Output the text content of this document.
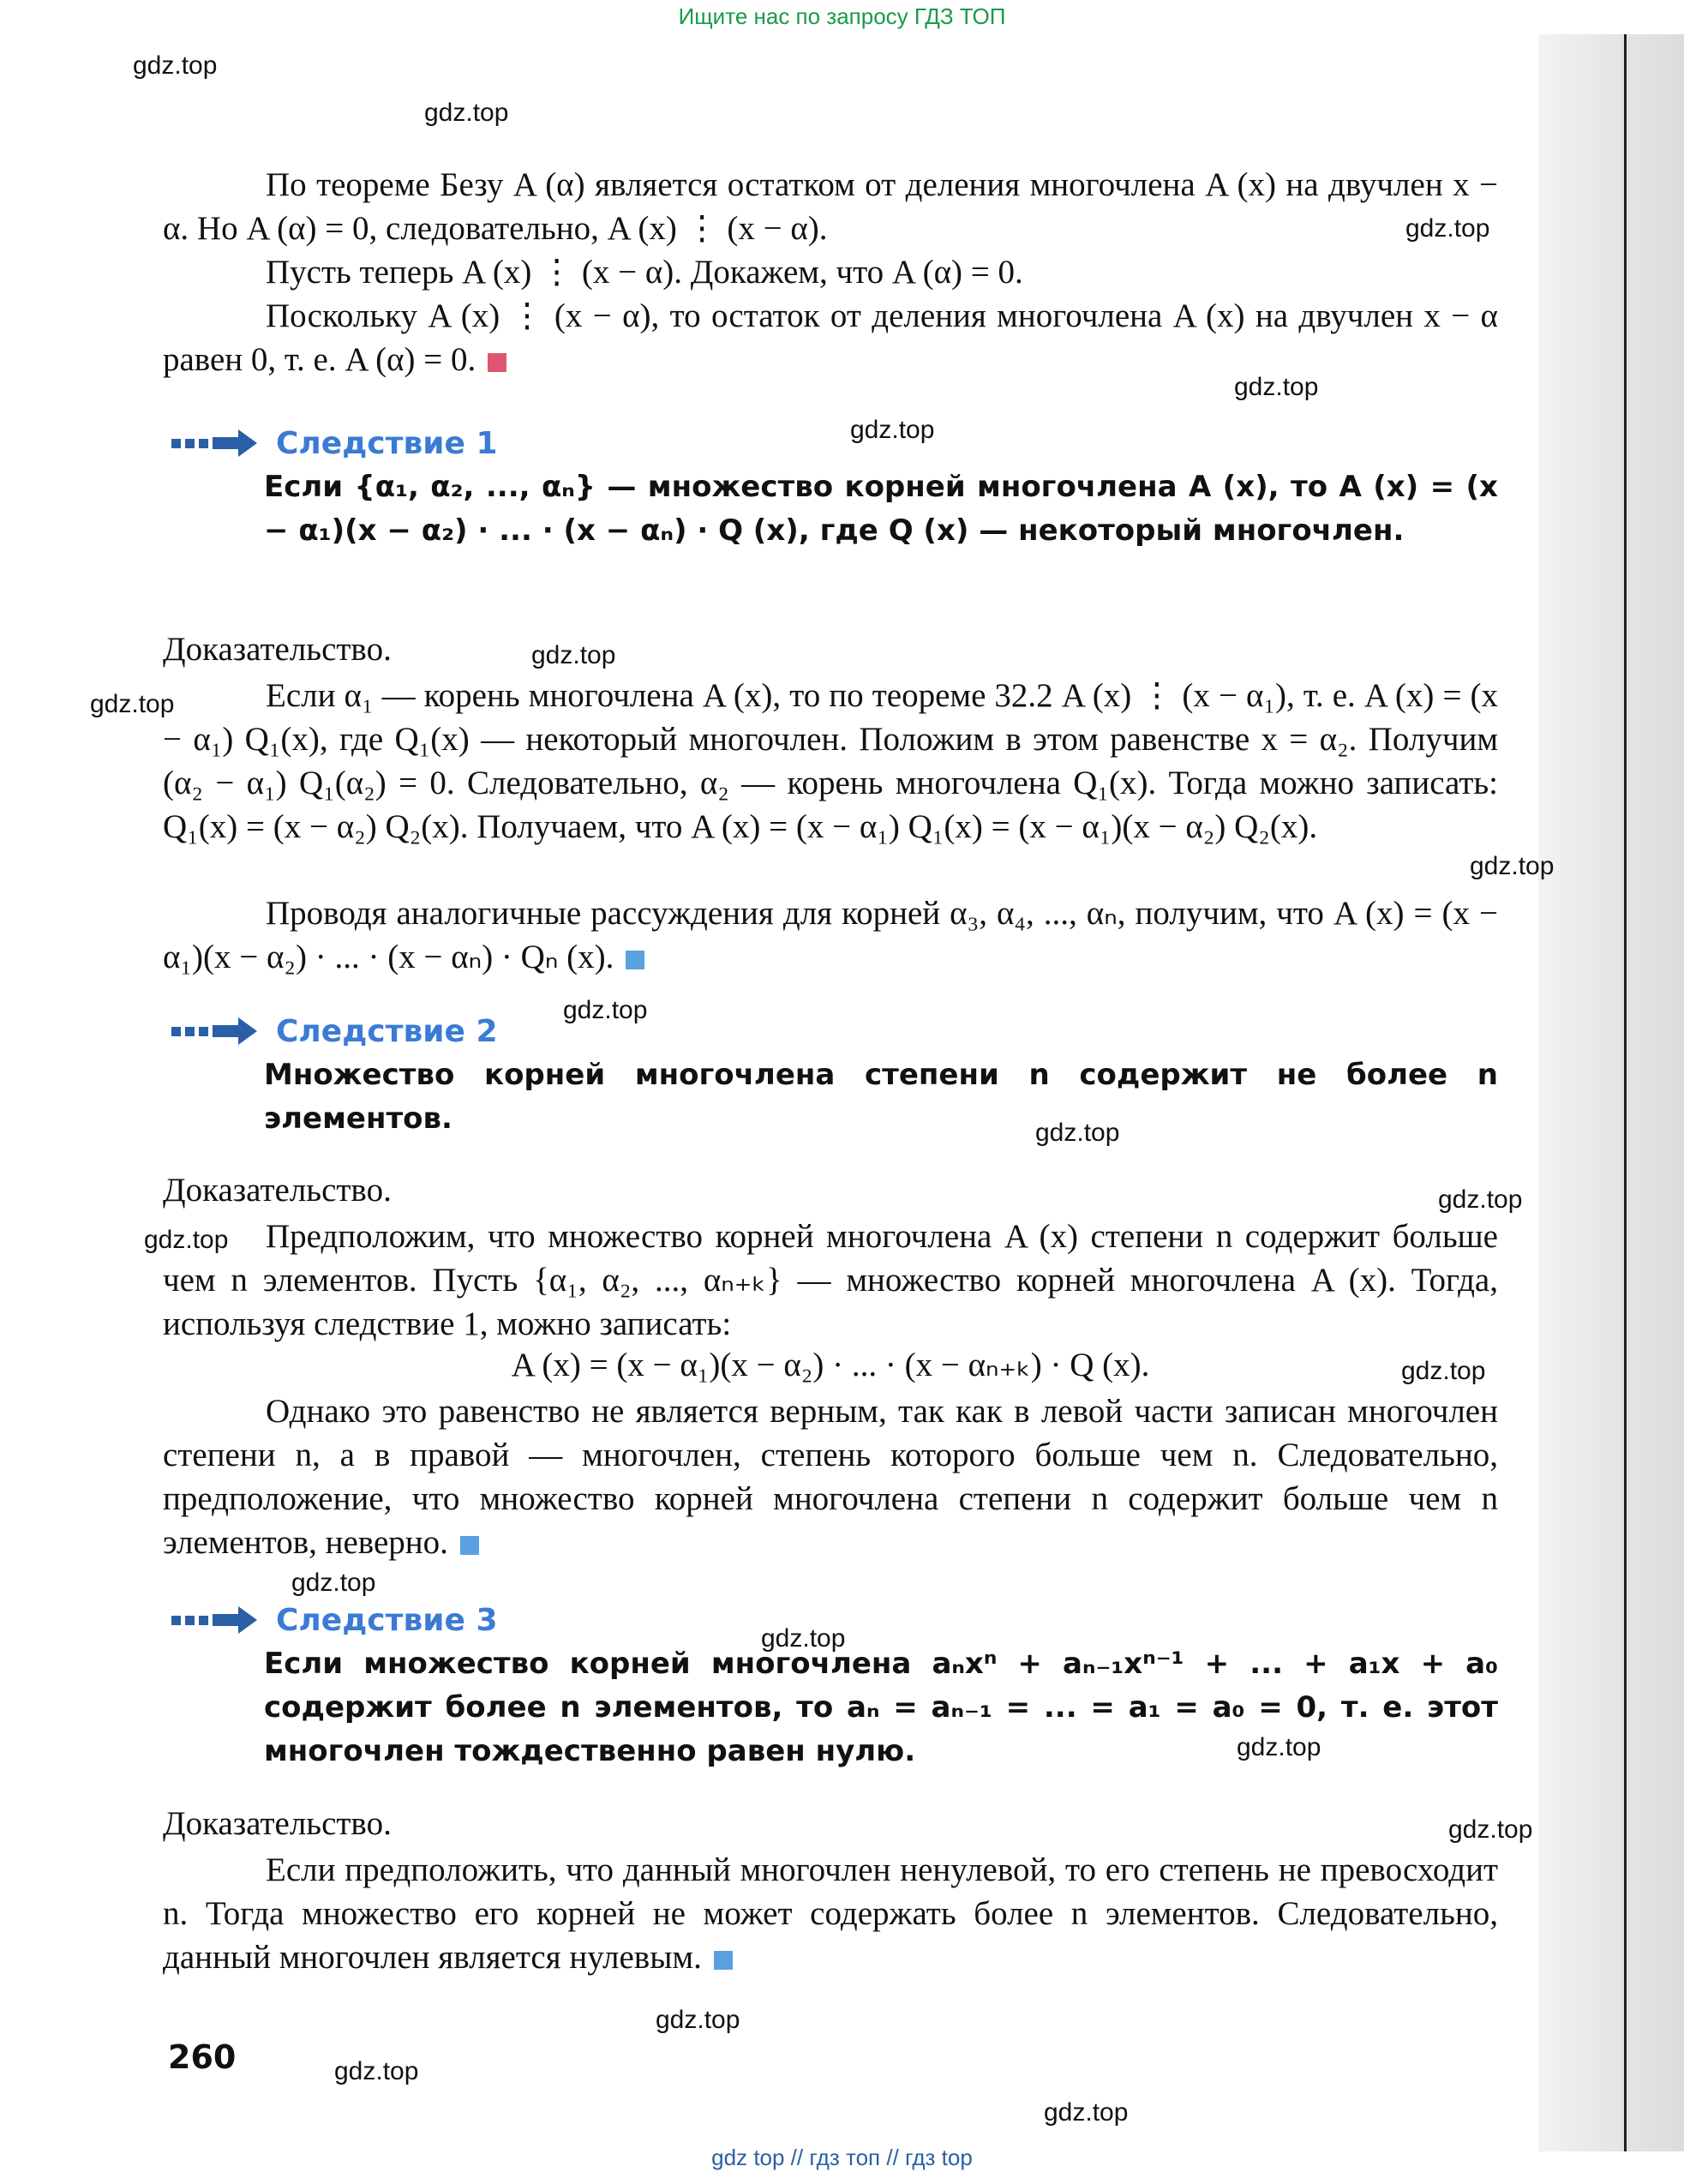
Ищите нас по запросу ГДЗ ТОП
gdz.top
gdz.top
gdz.top
gdz.top
gdz.top
gdz.top
gdz.top
gdz.top
gdz.top
gdz.top
gdz.top
gdz.top
gdz.top
gdz.top
gdz.top
gdz.top
gdz.top
gdz.top
gdz.top
gdz.top
По теореме Безу A (α) является остатком от деления многочлена A (x) на двучлен x − α. Но A (α) = 0, следовательно, A (x) ⋮ (x − α).
Пусть теперь A (x) ⋮ (x − α). Докажем, что A (α) = 0.
Поскольку A (x) ⋮ (x − α), то остаток от деления многочлена A (x) на двучлен x − α равен 0, т. е. A (α) = 0.
Следствие 1
Если {α₁, α₂, ..., αₙ} — множество корней многочлена A (x), то A (x) = (x − α₁)(x − α₂) · ... · (x − αₙ) · Q (x), где Q (x) — некоторый многочлен.
Доказательство.
Если α₁ — корень многочлена A (x), то по теореме 32.2 A (x) ⋮ (x − α₁), т. е. A (x) = (x − α₁) Q₁(x), где Q₁(x) — некоторый многочлен. Положим в этом равенстве x = α₂. Получим (α₂ − α₁) Q₁(α₂) = 0. Следовательно, α₂ — корень многочлена Q₁(x). Тогда можно записать: Q₁(x) = (x − α₂) Q₂(x). Получаем, что A (x) = (x − α₁) Q₁(x) = (x − α₁)(x − α₂) Q₂(x).
Проводя аналогичные рассуждения для корней α₃, α₄, ..., αₙ, получим, что A (x) = (x − α₁)(x − α₂) · ... · (x − αₙ) · Qₙ (x).
Следствие 2
Множество корней многочлена степени n содержит не более n элементов.
Доказательство.
Предположим, что множество корней многочлена A (x) степени n содержит больше чем n элементов. Пусть {α₁, α₂, ..., αₙ₊ₖ} — множество корней многочлена A (x). Тогда, используя следствие 1, можно записать:
A (x) = (x − α₁)(x − α₂) · ... · (x − αₙ₊ₖ) · Q (x).
Однако это равенство не является верным, так как в левой части записан многочлен степени n, а в правой — многочлен, степень которого больше чем n. Следовательно, предположение, что множество корней многочлена степени n содержит больше чем n элементов, неверно.
Следствие 3
Если множество корней многочлена aₙxⁿ + aₙ₋₁xⁿ⁻¹ + ... + a₁x + a₀ содержит более n элементов, то aₙ = aₙ₋₁ = ... = a₁ = a₀ = 0, т. е. этот многочлен тождественно равен нулю.
Доказательство.
Если предположить, что данный многочлен ненулевой, то его степень не превосходит n. Тогда множество его корней не может содержать более n элементов. Следовательно, данный многочлен является нулевым.
260
gdz top // гдз топ // гдз top
